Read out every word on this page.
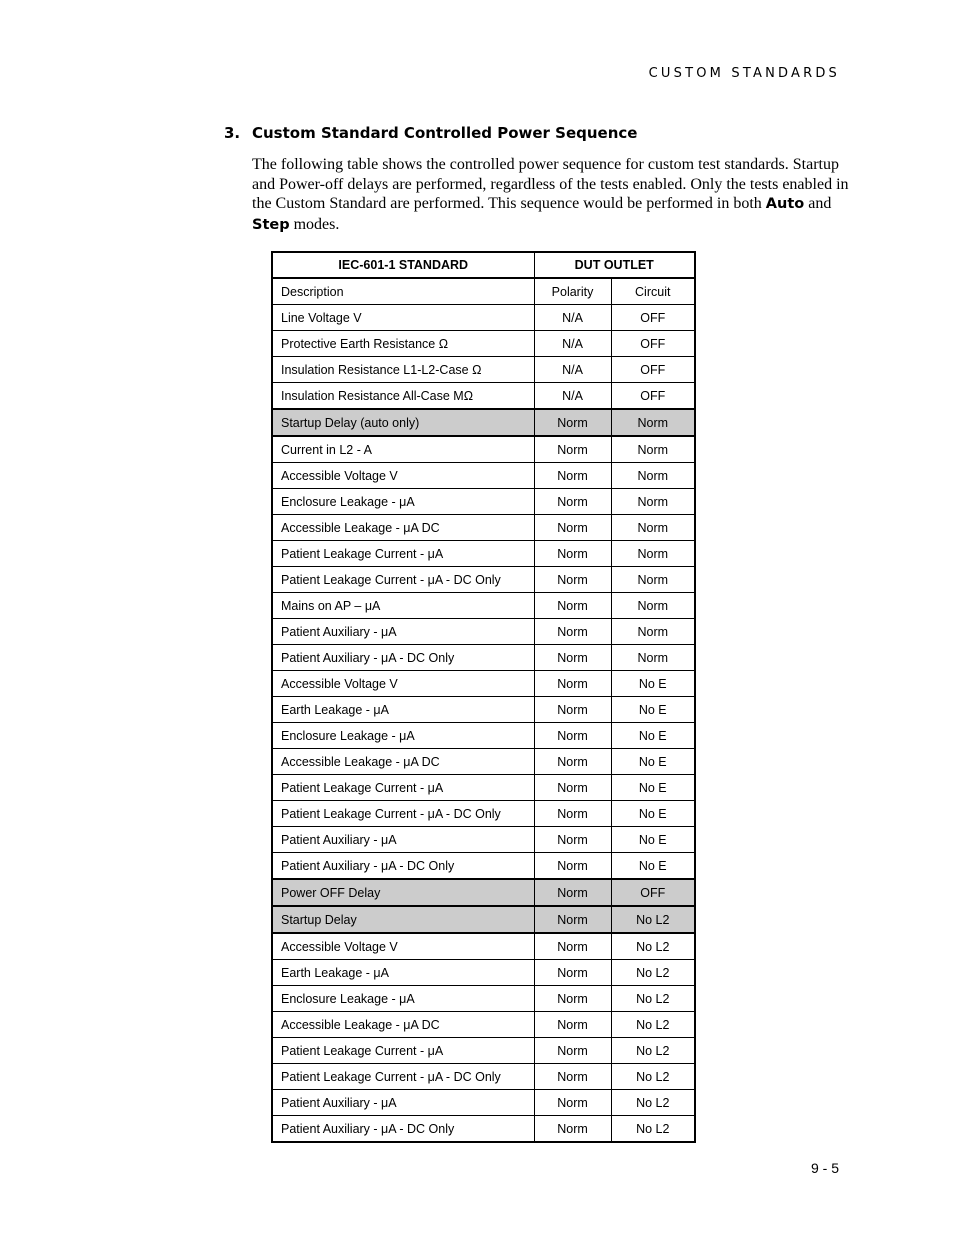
CUSTOM STANDARDS
3. Custom Standard Controlled Power Sequence

The following table shows the controlled power sequence for custom test standards. Startup and Power-off delays are performed, regardless of the tests enabled. Only the tests enabled in the Custom Standard are performed. This sequence would be performed in both Auto and Step modes.

IEC-601-1 STANDARD	DUT OUTLET	
Description	Polarity	Circuit
Line Voltage V	N/A	OFF
Protective Earth Resistance Ω	N/A	OFF
Insulation Resistance L1-L2-Case Ω	N/A	OFF
Insulation Resistance All-Case MΩ	N/A	OFF
Startup Delay (auto only)	Norm	Norm
Current in L2 - A	Norm	Norm
Accessible Voltage V	Norm	Norm
Enclosure Leakage - μA	Norm	Norm
Accessible Leakage - μA DC	Norm	Norm
Patient Leakage Current - μA	Norm	Norm
Patient Leakage Current - μA - DC Only	Norm	Norm
Mains on AP – μA	Norm	Norm
Patient Auxiliary - μA	Norm	Norm
Patient Auxiliary - μA - DC Only	Norm	Norm
Accessible Voltage V	Norm	No E
Earth Leakage - μA	Norm	No E
Enclosure Leakage - μA	Norm	No E
Accessible Leakage - μA DC	Norm	No E
Patient Leakage Current - μA	Norm	No E
Patient Leakage Current - μA - DC Only	Norm	No E
Patient Auxiliary - μA	Norm	No E
Patient Auxiliary - μA - DC Only	Norm	No E
Power OFF Delay	Norm	OFF
Startup Delay	Norm	No L2
Accessible Voltage V	Norm	No L2
Earth Leakage - μA	Norm	No L2
Enclosure Leakage - μA	Norm	No L2
Accessible Leakage - μA DC	Norm	No L2
Patient Leakage Current - μA	Norm	No L2
Patient Leakage Current - μA - DC Only	Norm	No L2
Patient Auxiliary - μA	Norm	No L2
Patient Auxiliary - μA - DC Only	Norm	No L2
9 - 5
